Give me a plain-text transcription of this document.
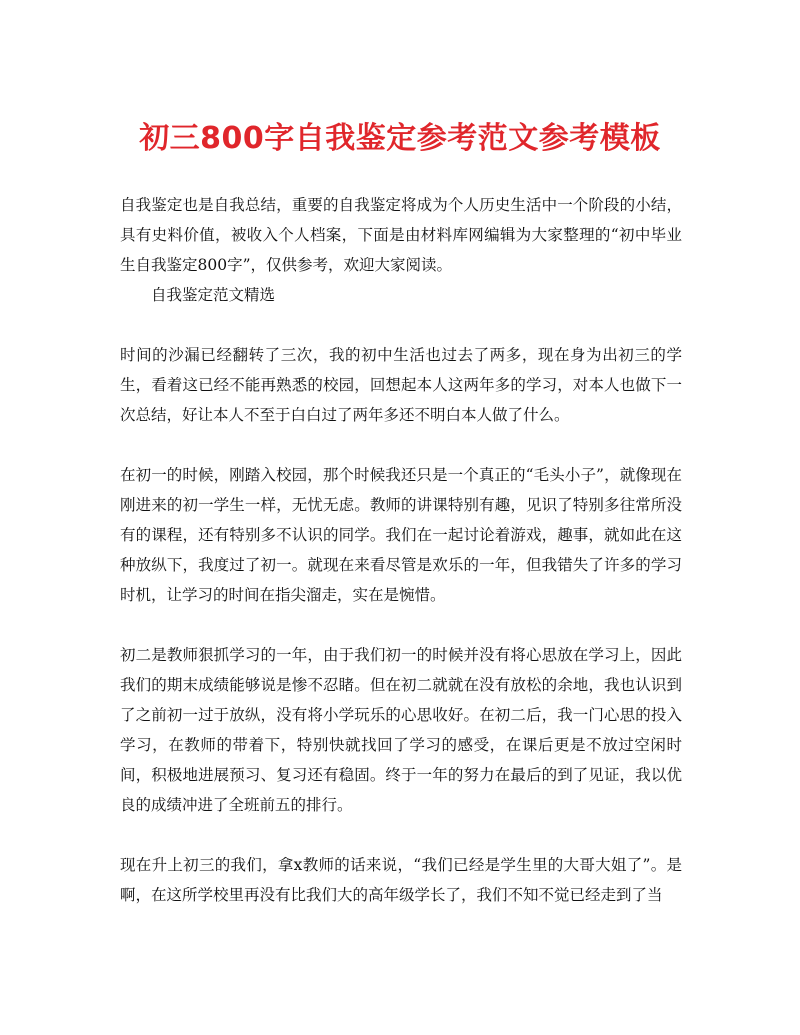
初三800字自我鉴定参考范文参考模板

自我鉴定也是自我总结，重要的自我鉴定将成为个人历史生活中一个阶段的小结，具有史料价值，被收入个人档案，下面是由材料库网编辑为大家整理的“初中毕业生自我鉴定800字”，仅供参考，欢迎大家阅读。

自我鉴定范文精选

时间的沙漏已经翻转了三次，我的初中生活也过去了两多，现在身为出初三的学生，看着这已经不能再熟悉的校园，回想起本人这两年多的学习，对本人也做下一次总结，好让本人不至于白白过了两年多还不明白本人做了什么。

在初一的时候，刚踏入校园，那个时候我还只是一个真正的“毛头小子”，就像现在刚进来的初一学生一样，无忧无虑。教师的讲课特别有趣，见识了特别多往常所没有的课程，还有特别多不认识的同学。我们在一起讨论着游戏，趣事，就如此在这种放纵下，我度过了初一。就现在来看尽管是欢乐的一年，但我错失了许多的学习时机，让学习的时间在指尖溜走，实在是惋惜。

初二是教师狠抓学习的一年，由于我们初一的时候并没有将心思放在学习上，因此我们的期末成绩能够说是惨不忍睹。但在初二就就在没有放松的余地，我也认识到了之前初一过于放纵，没有将小学玩乐的心思收好。在初二后，我一门心思的投入学习，在教师的带着下，特别快就找回了学习的感受，在课后更是不放过空闲时间，积极地进展预习、复习还有稳固。终于一年的努力在最后的到了见证，我以优良的成绩冲进了全班前五的排行。

现在升上初三的我们，拿x教师的话来说，“我们已经是学生里的大哥大姐了”。是啊，在这所学校里再没有比我们大的高年级学长了，我们不知不觉已经走到了当
